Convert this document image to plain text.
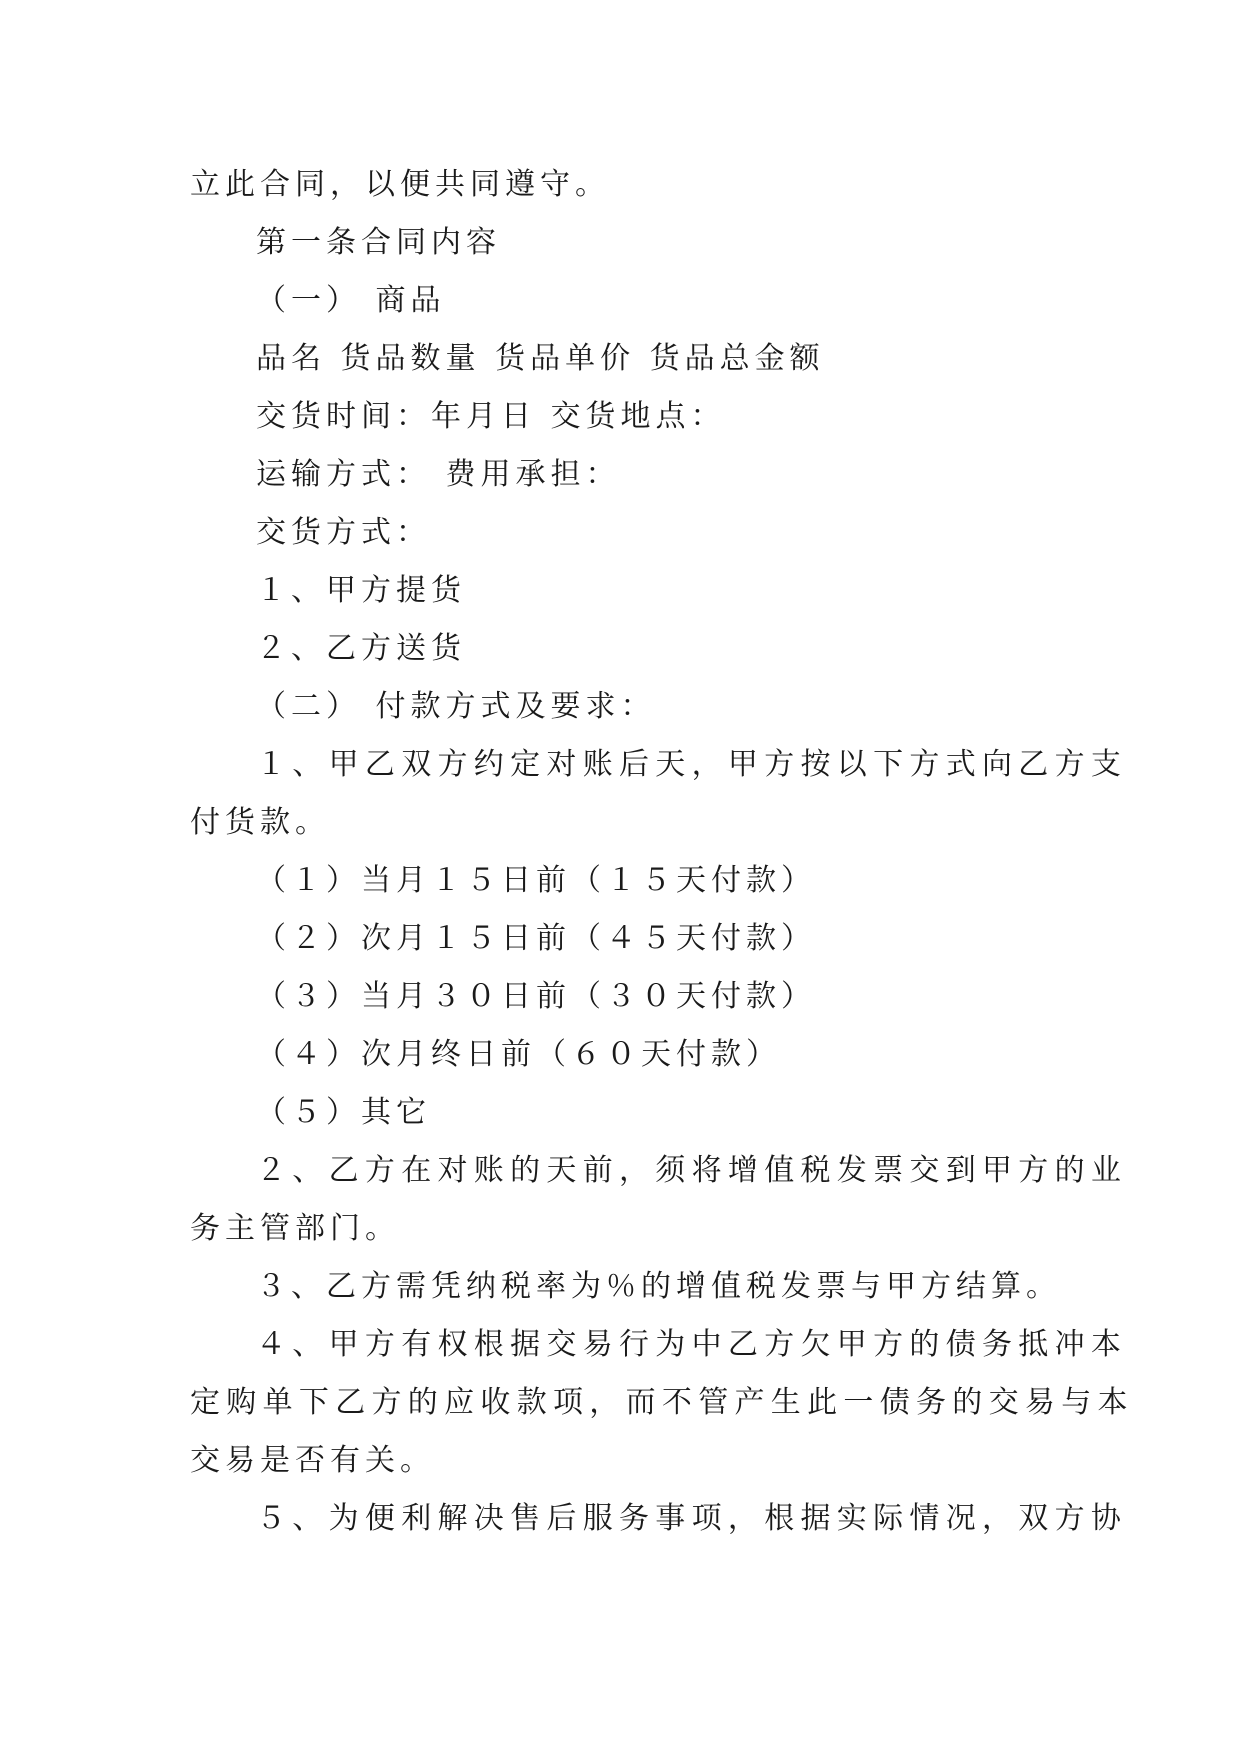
立此合同，以便共同遵守。
第一条合同内容
（一） 商品
品名 货品数量 货品单价 货品总金额
交货时间：年月日 交货地点：
运输方式： 费用承担：
交货方式：
１、甲方提货
２、乙方送货
（二） 付款方式及要求：
１、甲乙双方约定对账后天，甲方按以下方式向乙方支
付货款。
（１）当月１５日前（１５天付款）
（２）次月１５日前（４５天付款）
（３）当月３０日前（３０天付款）
（４）次月终日前（６０天付款）
（５）其它
２、乙方在对账的天前，须将增值税发票交到甲方的业
务主管部门。
３、乙方需凭纳税率为％的增值税发票与甲方结算。
４、甲方有权根据交易行为中乙方欠甲方的债务抵冲本
定购单下乙方的应收款项，而不管产生此一债务的交易与本
交易是否有关。
５、为便利解决售后服务事项，根据实际情况，双方协
